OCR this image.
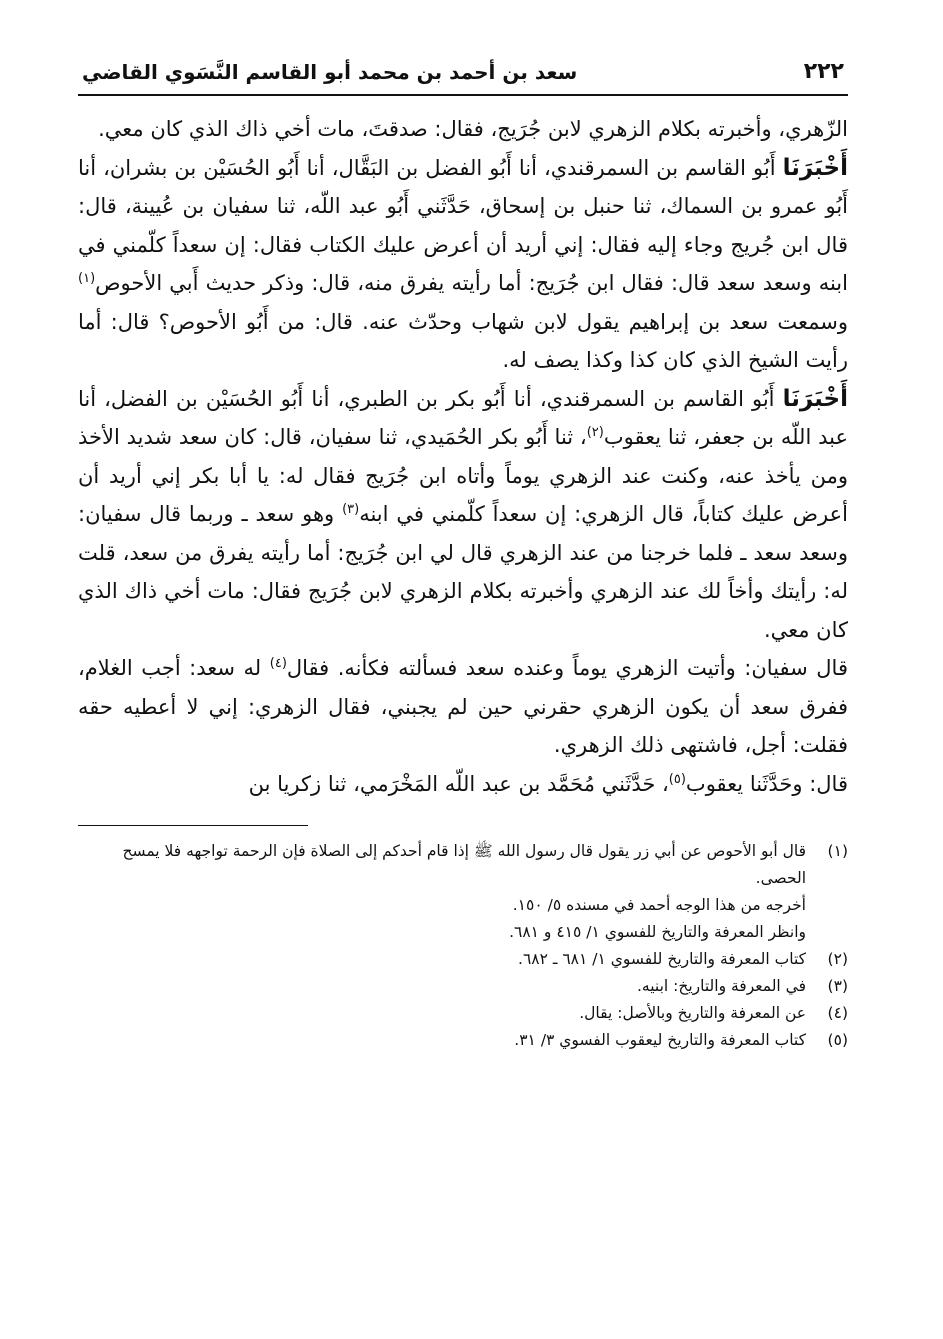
٢٢٢
سعد بن أحمد بن محمد أبو القاسم النَّسَوي القاضي

الزّهري، وأخبرته بكلام الزهري لابن جُرَيج، فقال: صدقتَ، مات أخي ذاك الذي كان معي.

أَخْبَرَنَا أَبُو القاسم بن السمرقندي، أنا أَبُو الفضل بن البَقَّال، أنا أَبُو الحُسَيْن بن بشران، أنا أَبُو عمرو بن السماك، ثنا حنبل بن إسحاق، حَدَّثَني أَبُو عبد اللّه، ثنا سفيان بن عُيينة، قال: قال ابن جُريج وجاء إليه فقال: إني أريد أن أعرض عليك الكتاب فقال: إن سعداً كلّمني في ابنه وسعد سعد قال: فقال ابن جُرَيج: أما رأيته يفرق منه، قال: وذكر حديث أَبي الأحوص$^{(١)}$ وسمعت سعد بن إبراهيم يقول لابن شهاب وحدّث عنه. قال: من أَبُو الأحوص؟ قال: أما رأيت الشيخ الذي كان كذا وكذا يصف له.

أَخْبَرَنَا أَبُو القاسم بن السمرقندي، أنا أَبُو بكر بن الطبري، أنا أَبُو الحُسَيْن بن الفضل، أنا عبد اللّه بن جعفر، ثنا يعقوب$^{(٢)}$، ثنا أَبُو بكر الحُمَيدي، ثنا سفيان، قال: كان سعد شديد الأخذ ومن يأخذ عنه، وكنت عند الزهري يوماً وأتاه ابن جُرَيج فقال له: يا أبا بكر إني أريد أن أعرض عليك كتاباً، قال الزهري: إن سعداً كلّمني في ابنه$^{(٣)}$ وهو سعد ـ وربما قال سفيان: وسعد سعد ـ فلما خرجنا من عند الزهري قال لي ابن جُرَيج: أما رأيته يفرق من سعد، قلت له: رأيتك وأخاً لك عند الزهري وأخبرته بكلام الزهري لابن جُرَيج فقال: مات أخي ذاك الذي كان معي.

قال سفيان: وأتيت الزهري يوماً وعنده سعد فسألته فكأنه. فقال$^{(٤)}$ له سعد: أجب الغلام، ففرق سعد أن يكون الزهري حقرني حين لم يجبني، فقال الزهري: إني لا أعطيه حقه فقلت: أجل، فاشتهى ذلك الزهري.

قال: وحَدَّثَنا يعقوب$^{(٥)}$، حَدَّثَني مُحَمَّد بن عبد اللّه المَخْرَمي، ثنا زكريا بن

(١)
قال أبو الأحوص عن أبي زر يقول قال رسول الله ﷺ إذا قام أحدكم إلى الصلاة فإن الرحمة تواجهه فلا يمسح الحصى.
أخرجه من هذا الوجه أحمد في مسنده ٥/ ١٥٠.
وانظر المعرفة والتاريخ للفسوي ١/ ٤١٥ و ٦٨١.
(٢)
كتاب المعرفة والتاريخ للفسوي ١/ ٦٨١ ـ ٦٨٢.
(٣)
في المعرفة والتاريخ: ابنيه.
(٤)
عن المعرفة والتاريخ وبالأصل: يقال.
(٥)
كتاب المعرفة والتاريخ ليعقوب الفسوي ٣/ ٣١.
